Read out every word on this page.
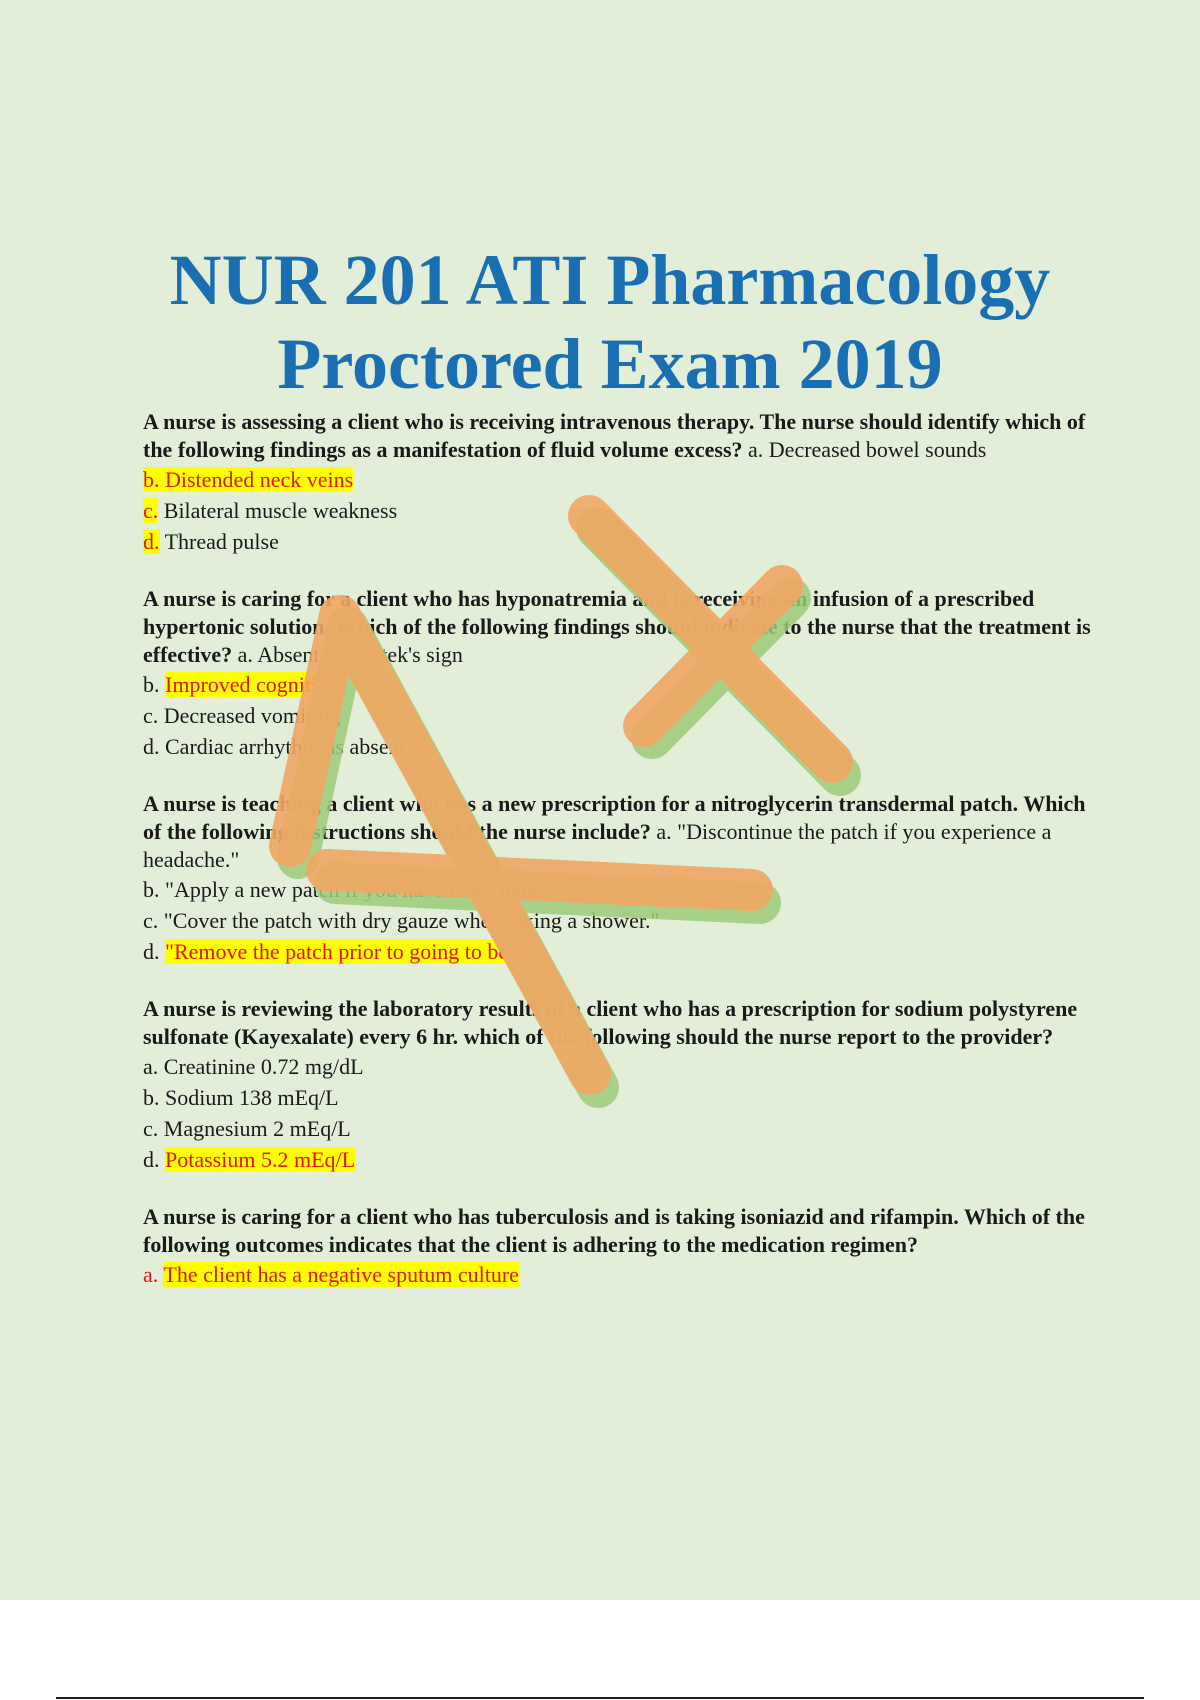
NUR 201 ATI Pharmacology
Proctored Exam 2019
A nurse is assessing a client who is receiving intravenous therapy. The nurse should identify which of the following findings as a manifestation of fluid volume excess? a. Decreased bowel sounds
b. Distended neck veins
c. Bilateral muscle weakness
d. Thread pulse
A nurse is caring for a client who has hyponatremia and is receiving an infusion of a prescribed hypertonic solution. Which of the following findings should indicate to the nurse that the treatment is effective? a. Absent Chvostek's sign
b. Improved cognition
c. Decreased vomiting
d. Cardiac arrhythmias absent
A nurse is teaching a client who has a new prescription for a nitroglycerin transdermal patch. Which of the following instructions should the nurse include? a. "Discontinue the patch if you experience a headache."
b. "Apply a new patch if you have chest pain."
c. "Cover the patch with dry gauze when taking a shower."
d. "Remove the patch prior to going to bed."
A nurse is reviewing the laboratory results of a client who has a prescription for sodium polystyrene sulfonate (Kayexalate) every 6 hr. which of the following should the nurse report to the provider?
a. Creatinine 0.72 mg/dL
b. Sodium 138 mEq/L
c. Magnesium 2 mEq/L
d. Potassium 5.2 mEq/L
A nurse is caring for a client who has tuberculosis and is taking isoniazid and rifampin. Which of the following outcomes indicates that the client is adhering to the medication regimen?
a. The client has a negative sputum culture
